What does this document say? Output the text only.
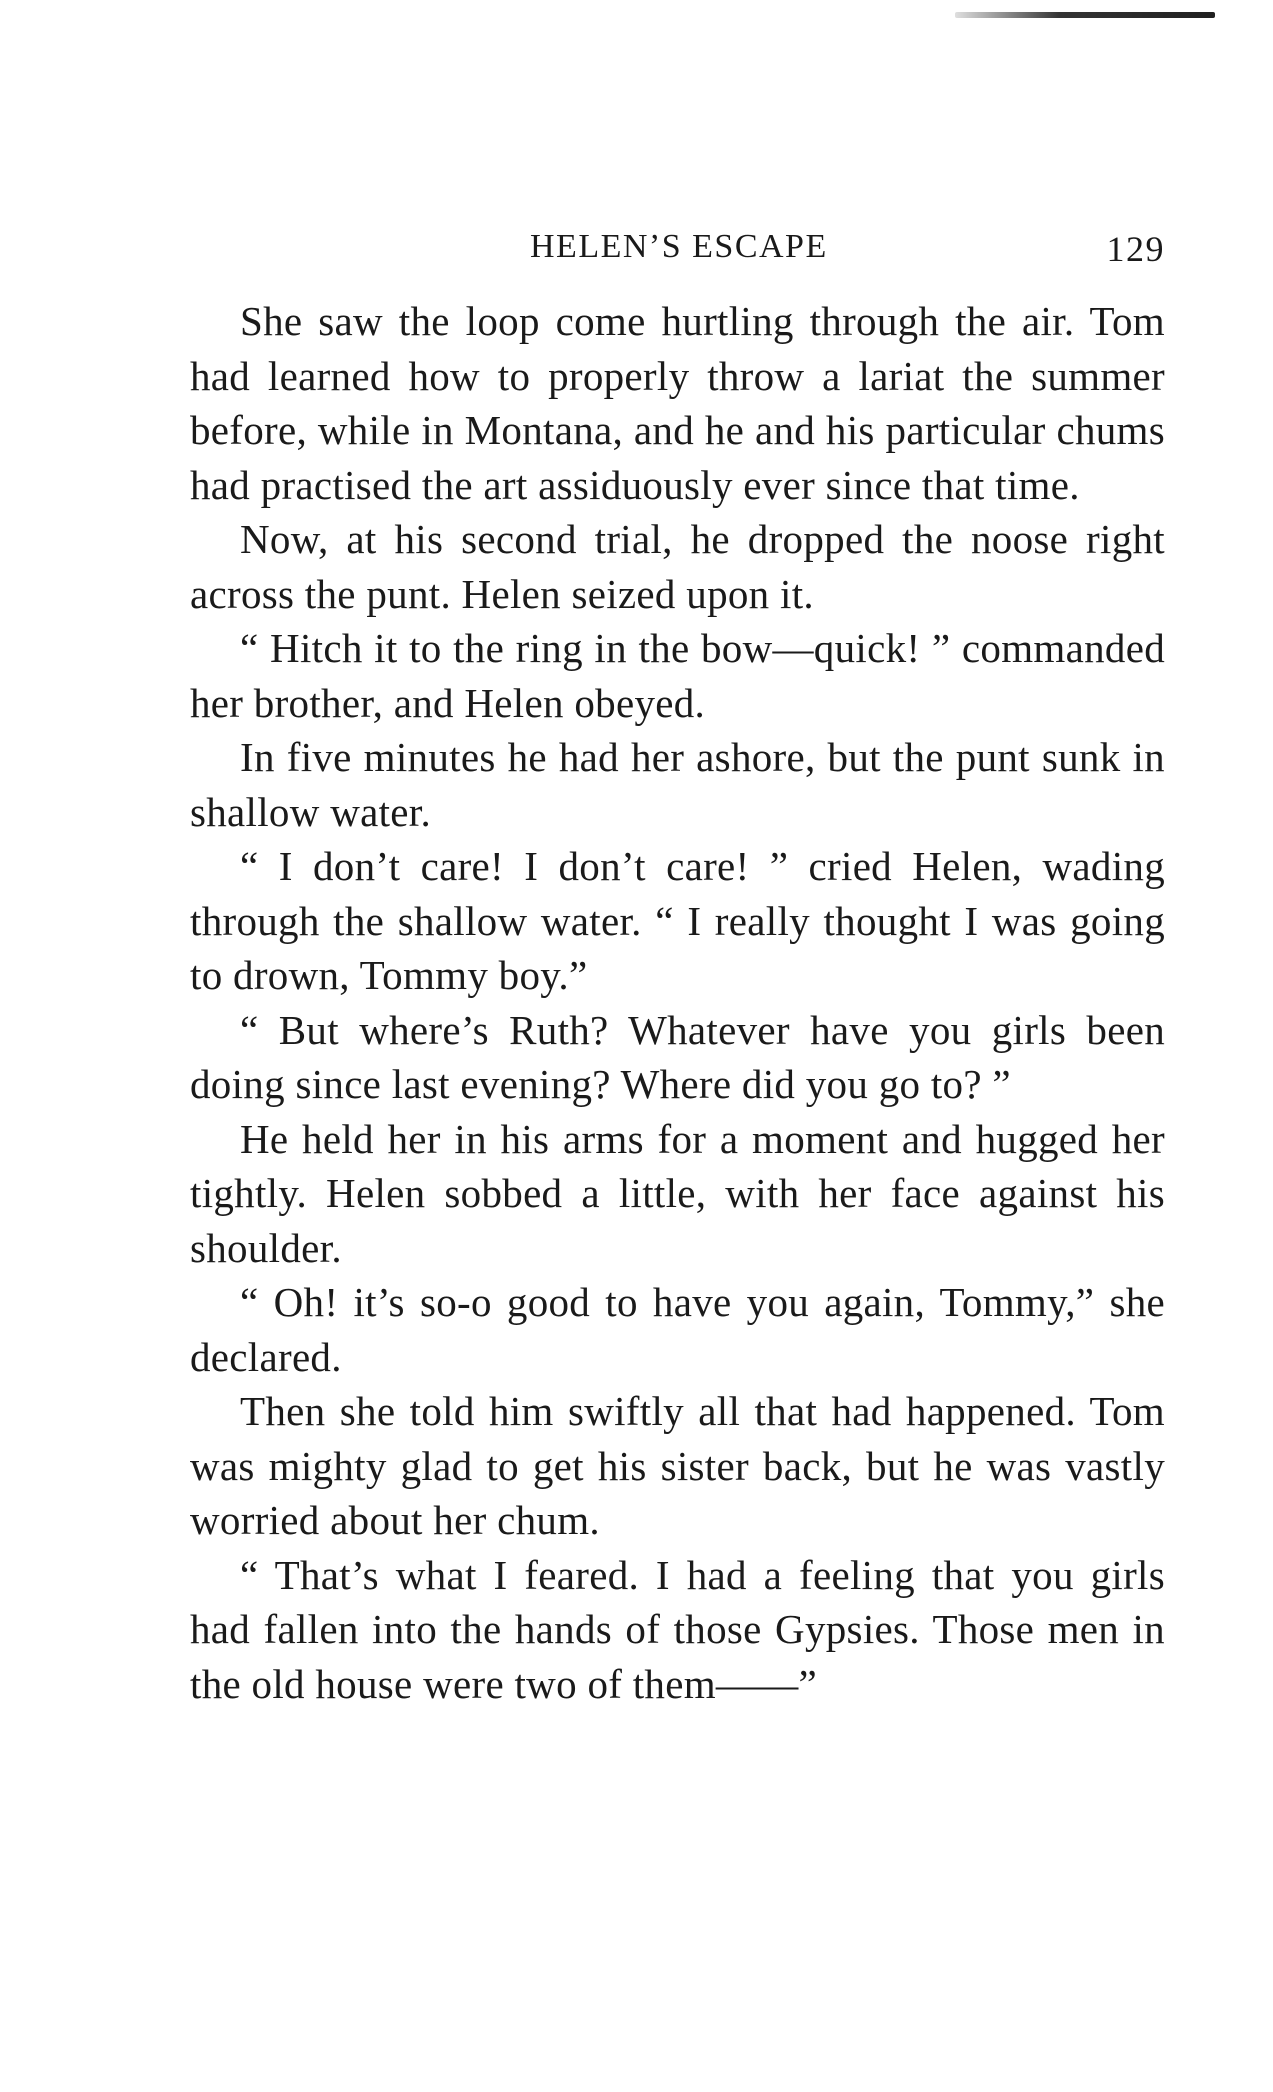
HELEN’S ESCAPE	129

She saw the loop come hurtling through the air. Tom had learned how to properly throw a lariat the summer before, while in Montana, and he and his particular chums had practised the art assiduously ever since that time.

Now, at his second trial, he dropped the noose right across the punt. Helen seized upon it.

“ Hitch it to the ring in the bow—quick! ” commanded her brother, and Helen obeyed.

In five minutes he had her ashore, but the punt sunk in shallow water.

“ I don’t care! I don’t care! ” cried Helen, wading through the shallow water. “ I really thought I was going to drown, Tommy boy.”

“ But where’s Ruth? Whatever have you girls been doing since last evening? Where did you go to? ”

He held her in his arms for a moment and hugged her tightly. Helen sobbed a little, with her face against his shoulder.

“ Oh! it’s so-o good to have you again, Tommy,” she declared.

Then she told him swiftly all that had happened. Tom was mighty glad to get his sister back, but he was vastly worried about her chum.

“ That’s what I feared. I had a feeling that you girls had fallen into the hands of those Gypsies. Those men in the old house were two of them——”
